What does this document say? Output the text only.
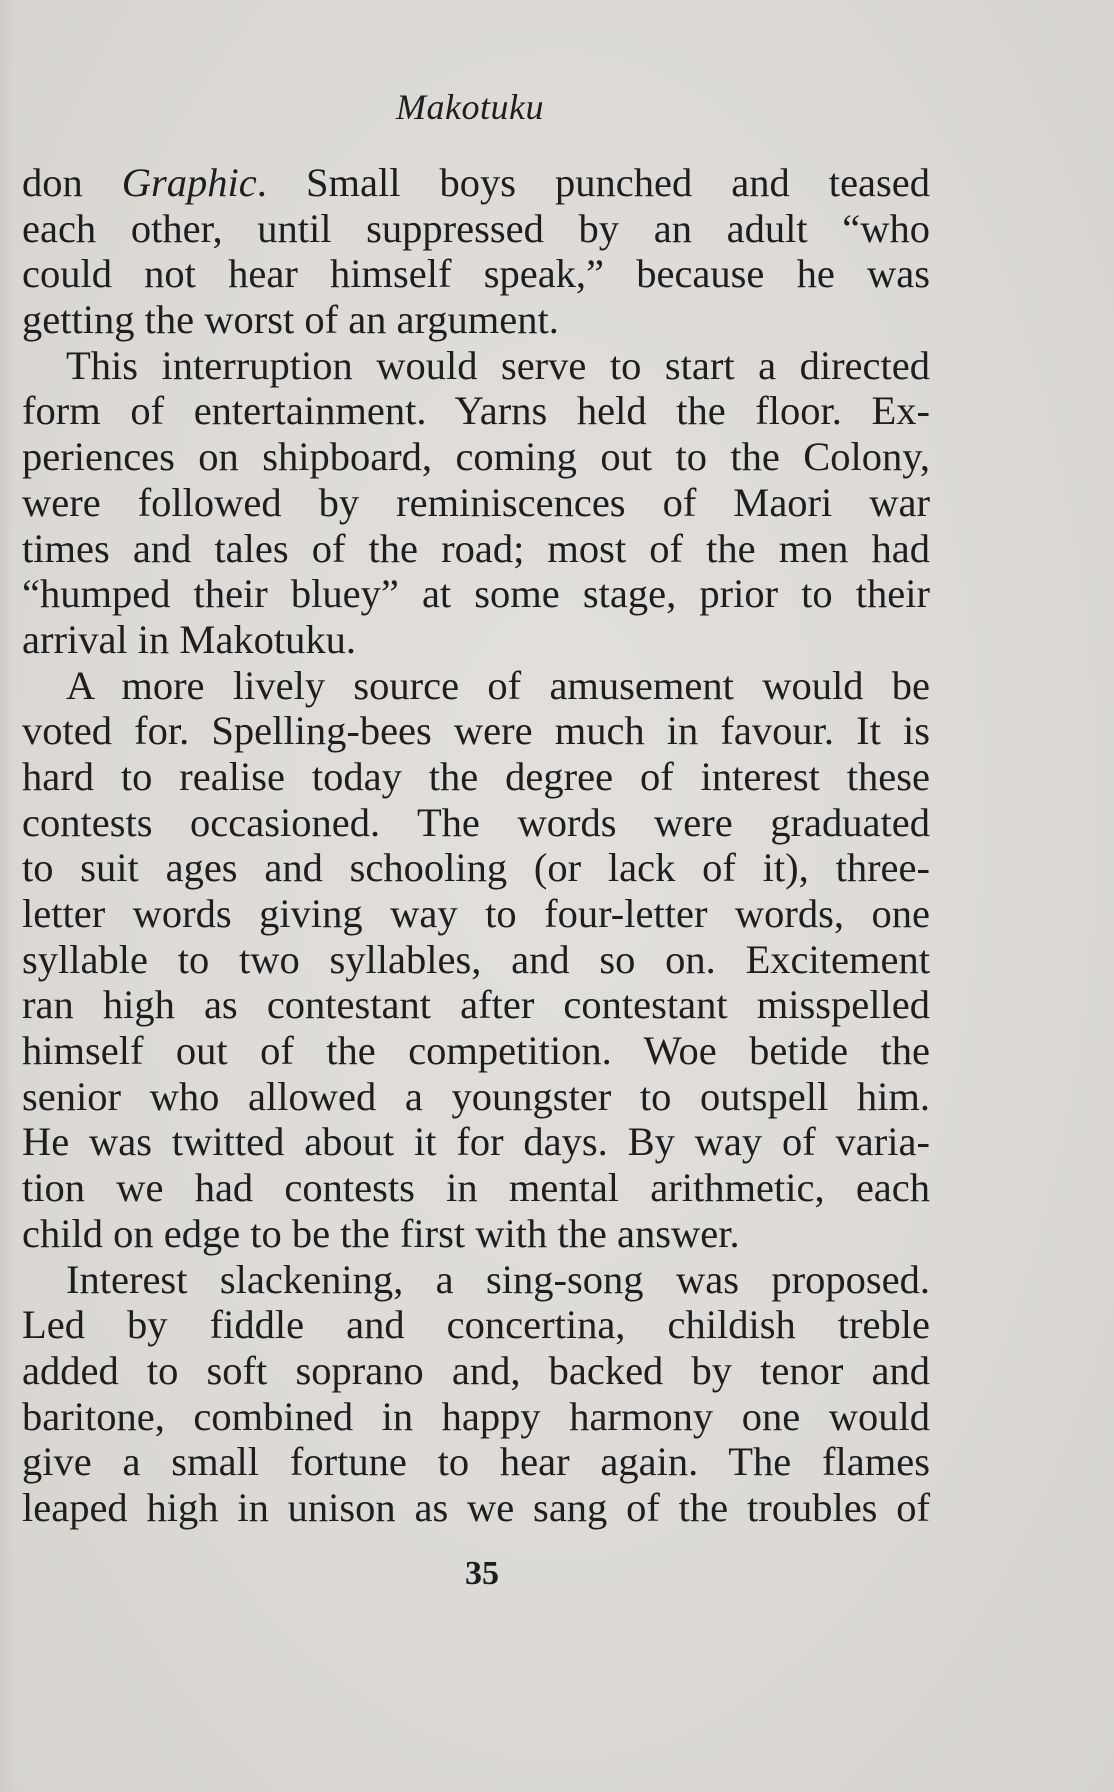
Makotuku
don Graphic. Small boys punched and teased
each other, until suppressed by an adult “who
could not hear himself speak,” because he was
getting the worst of an argument.
This interruption would serve to start a directed
form of entertainment. Yarns held the floor. Ex-
periences on shipboard, coming out to the Colony,
were followed by reminiscences of Maori war
times and tales of the road; most of the men had
“humped their bluey” at some stage, prior to their
arrival in Makotuku.
A more lively source of amusement would be
voted for. Spelling-bees were much in favour. It is
hard to realise today the degree of interest these
contests occasioned. The words were graduated
to suit ages and schooling (or lack of it), three-
letter words giving way to four-letter words, one
syllable to two syllables, and so on. Excitement
ran high as contestant after contestant misspelled
himself out of the competition. Woe betide the
senior who allowed a youngster to outspell him.
He was twitted about it for days. By way of varia-
tion we had contests in mental arithmetic, each
child on edge to be the first with the answer.
Interest slackening, a sing-song was proposed.
Led by fiddle and concertina, childish treble
added to soft soprano and, backed by tenor and
baritone, combined in happy harmony one would
give a small fortune to hear again. The flames
leaped high in unison as we sang of the troubles of
35
